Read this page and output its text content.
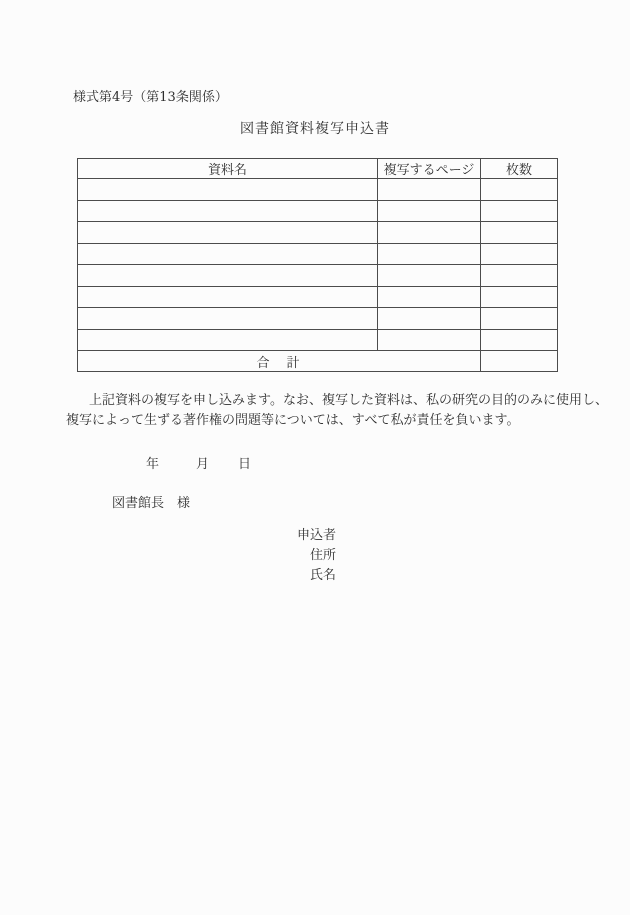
様式第4号（第13条関係）
図書館資料複写申込書
資料名	複写するページ	枚数

合　計		
上記資料の複写を申し込みます。なお、複写した資料は、私の研究の目的のみに使用し、
複写によって生ずる著作権の問題等については、すべて私が責任を負います。
年	月 日
図書館長　様
申込者
住所
氏名
